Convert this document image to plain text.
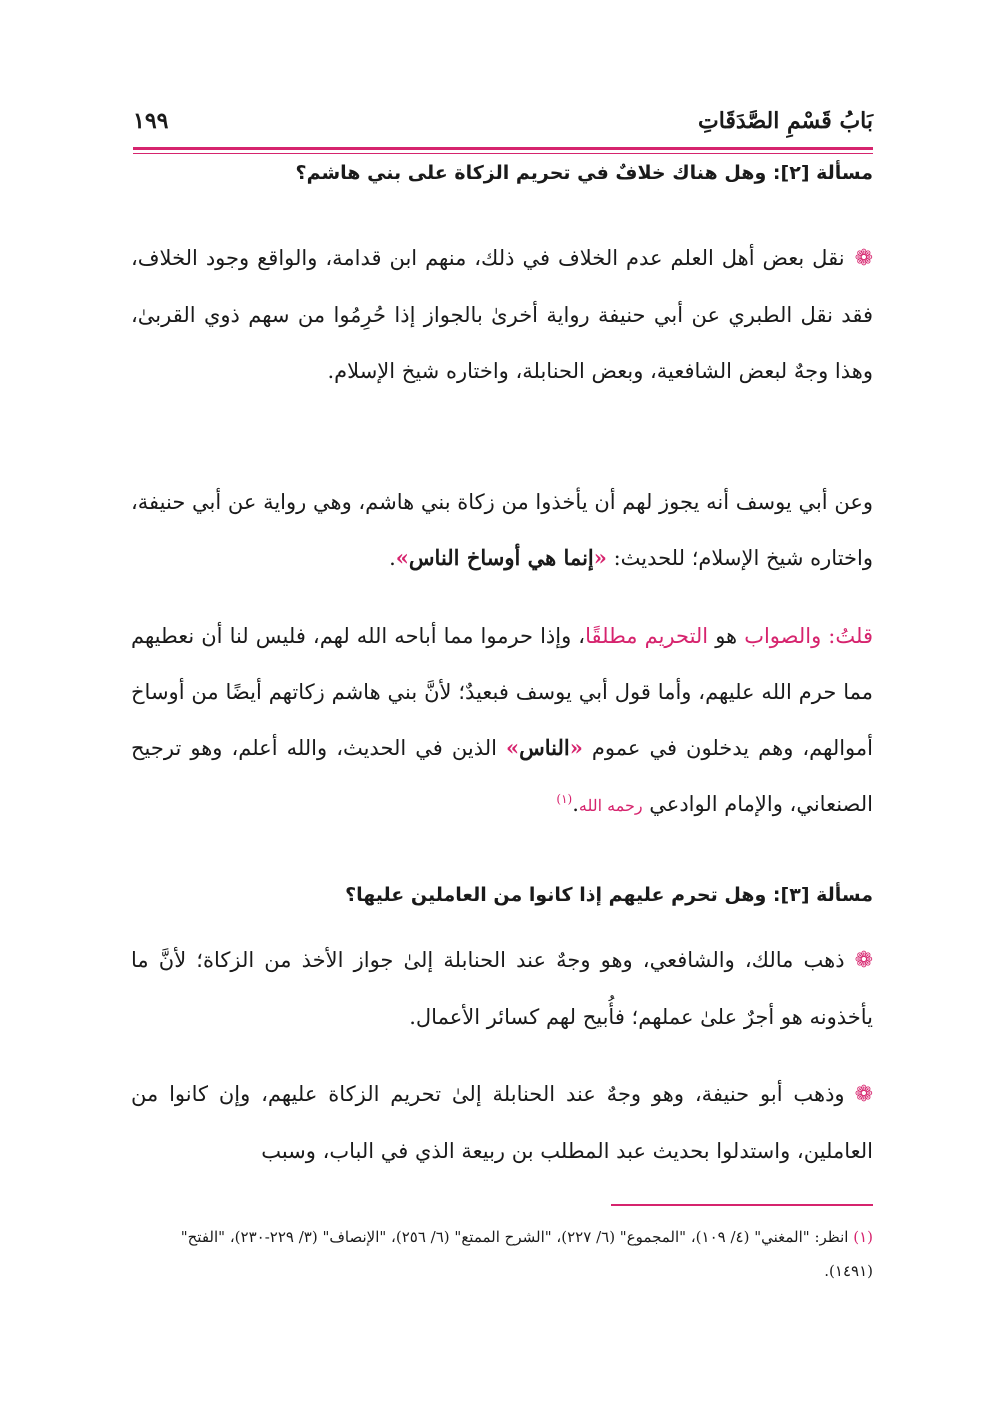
بَابُ قَسْمِ الصَّدَقَاتِ
١٩٩
مسألة [٢]: وهل هناك خلافٌ في تحريم الزكاة على بني هاشم؟
❁نقل بعض أهل العلم عدم الخلاف في ذلك، منهم ابن قدامة، والواقع وجود الخلاف، فقد نقل الطبري عن أبي حنيفة رواية أخرىٰ بالجواز إذا حُرِمُوا من سهم ذوي القربىٰ، وهذا وجهٌ لبعض الشافعية، وبعض الحنابلة، واختاره شيخ الإسلام.
وعن أبي يوسف أنه يجوز لهم أن يأخذوا من زكاة بني هاشم، وهي رواية عن أبي حنيفة، واختاره شيخ الإسلام؛ للحديث: «إنما هي أوساخ الناس».
قلتُ: والصواب هو التحريم مطلقًا، وإذا حرموا مما أباحه الله لهم، فليس لنا أن نعطيهم مما حرم الله عليهم، وأما قول أبي يوسف فبعيدٌ؛ لأنَّ بني هاشم زكاتهم أيضًا من أوساخ أموالهم، وهم يدخلون في عموم «الناس» الذين في الحديث، والله أعلم، وهو ترجيح الصنعاني، والإمام الوادعي رحمه الله.$^{(١)}$
مسألة [٣]: وهل تحرم عليهم إذا كانوا من العاملين عليها؟
❁ذهب مالك، والشافعي، وهو وجهٌ عند الحنابلة إلىٰ جواز الأخذ من الزكاة؛ لأنَّ ما يأخذونه هو أجرٌ علىٰ عملهم؛ فأُبيح لهم كسائر الأعمال.
❁وذهب أبو حنيفة، وهو وجهٌ عند الحنابلة إلىٰ تحريم الزكاة عليهم، وإن كانوا من العاملين، واستدلوا بحديث عبد المطلب بن ربيعة الذي في الباب، وسبب
(١) انظر: "المغني" (٤/ ١٠٩)، "المجموع" (٦/ ٢٢٧)، "الشرح الممتع" (٦/ ٢٥٦)، "الإنصاف" (٣/ ٢٢٩-٢٣٠)، "الفتح" (١٤٩١).
